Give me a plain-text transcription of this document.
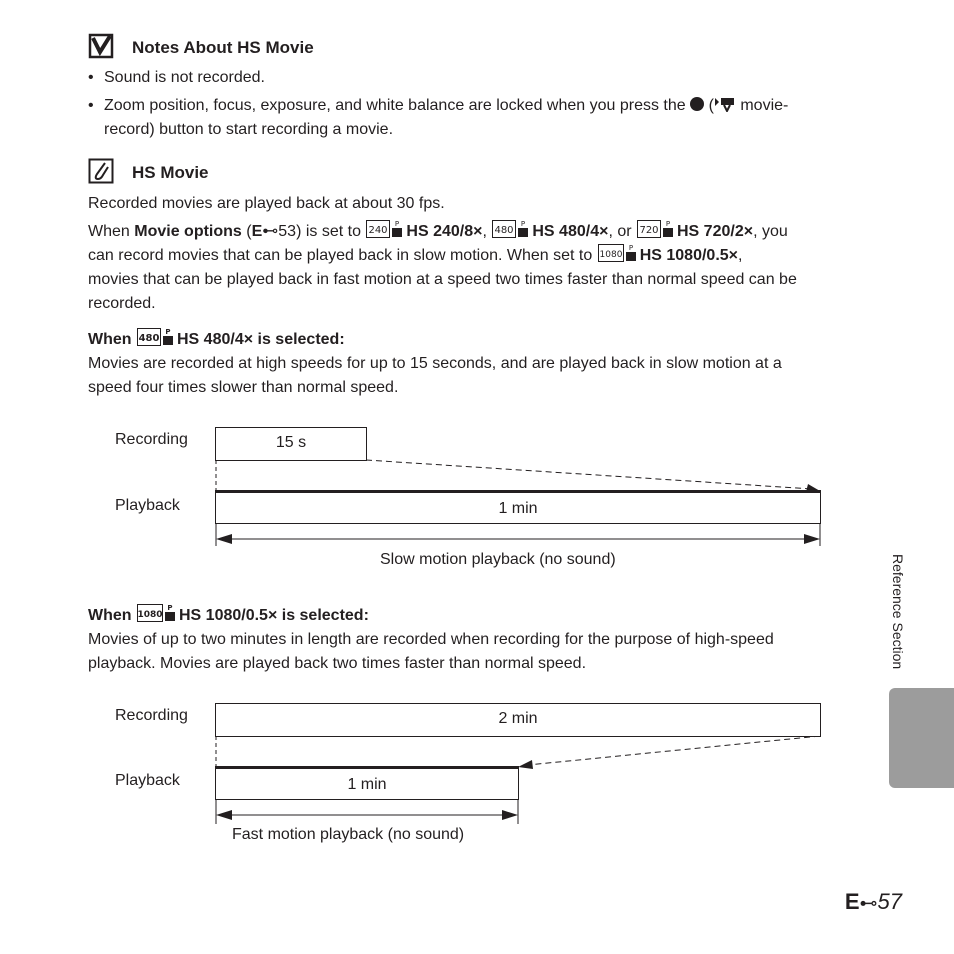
Notes About HS Movie
• Sound is not recorded.
• Zoom position, focus, exposure, and white balance are locked when you press the  ( movie-
record) button to start recording a movie.
HS Movie
Recorded movies are played back at about 30 fps.
When Movie options (E⊷53) is set to 240
P HS 240/8×, 480
P HS 480/4×, or 720
P HS 720/2×, you
can record movies that can be played back in slow motion. When set to 1080
P HS 1080/0.5×,
movies that can be played back in fast motion at a speed two times faster than normal speed can be
recorded.
When 480
P HS 480/4× is selected:
Movies are recorded at high speeds for up to 15 seconds, and are played back in slow motion at a
speed four times slower than normal speed.
Recording
Playback
15 s
1 min
Slow motion playback (no sound)
When 1080
P HS 1080/0.5× is selected:
Movies of up to two minutes in length are recorded when recording for the purpose of high-speed
playback. Movies are played back two times faster than normal speed.
Recording
Playback
2 min
1 min
Fast motion playback (no sound)
Reference Section
E⊷57
